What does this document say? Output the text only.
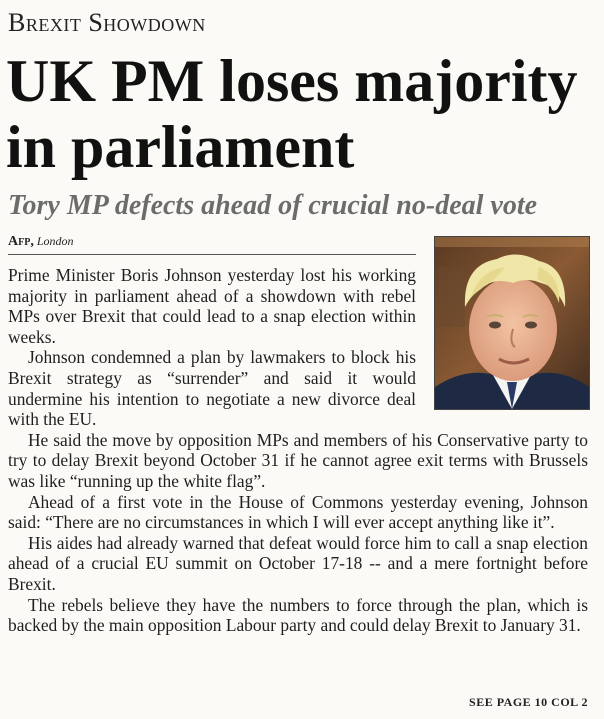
Brexit Showdown
UK PM loses majority in parliament
Tory MP defects ahead of crucial no-deal vote
Afp, London

Prime Minister Boris Johnson yesterday lost his working majority in parliament ahead of a showdown with rebel MPs over Brexit that could lead to a snap election within weeks.

Johnson condemned a plan by lawmakers to block his Brexit strategy as “surrender” and said it would undermine his intention to negotiate a new divorce deal with the EU.

He said the move by opposition MPs and members of his Conservative party to try to delay Brexit beyond October 31 if he cannot agree exit terms with Brussels was like “running up the white flag”.

Ahead of a first vote in the House of Commons yesterday evening, Johnson said: “There are no circumstances in which I will ever accept anything like it”.

His aides had already warned that defeat would force him to call a snap election ahead of a crucial EU summit on October 17-18 -- and a mere fortnight before Brexit.

The rebels believe they have the numbers to force through the plan, which is backed by the main opposition Labour party and could delay Brexit to January 31.

SEE PAGE 10 COL 2
